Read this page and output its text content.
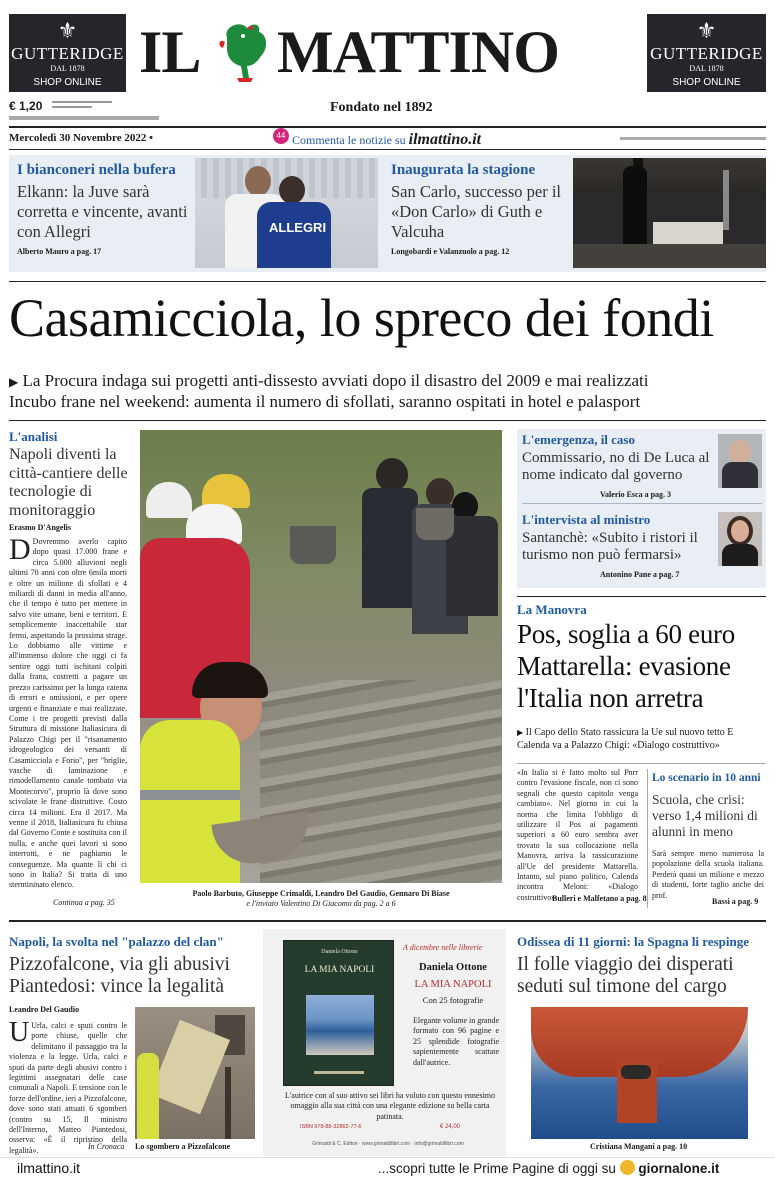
⚜
GUTTERIDGE
DAL 1878
SHOP ONLINE
⚜
GUTTERIDGE
DAL 1878
SHOP ONLINE
IL MATTINO
€ 1,20	Fondato nel 1892
Mercoledì 30 Novembre 2022 •	44 Commenta le notizie su ilmattino.it
I bianconeri nella bufera
Elkann: la Juve sarà corretta e vincente, avanti con Allegri
Alberto Mauro a pag. 17
ALLEGRI
Inaugurata la stagione
San Carlo, successo per il «Don Carlo» di Guth e Valcuha
Longobardi e Valanzuolo a pag. 12
Casamicciola, lo spreco dei fondi
▶ La Procura indaga sui progetti anti-dissesto avviati dopo il disastro del 2009 e mai realizzati
Incubo frane nel weekend: aumenta il numero di sfollati, saranno ospitati in hotel e palasport
L'analisi
Napoli diventi la città-cantiere delle tecnologie di monitoraggio
Erasmo D'Angelis
D Dovremmo averlo capito dopo quasi 17.000 frane e circa 5.000 alluvioni negli ultimi 70 anni con oltre 6mila morti e oltre un milione di sfollati e 4 miliardi di danni in media all'anno, che il tempo è tutto per mettere in salvo vite umane, beni e territori. E semplicemente inaccettabile star fermi, aspettando la prossima strage. Lo dobbiamo alle vittime e all'immenso dolore che oggi ci fa sentire oggi tutti ischitani colpiti dalla frana, costretti a pagare un prezzo carissimo per la lunga catena di errori e omissioni, e per opere urgenti e finanziate e mai realizzate. Come i tre progetti previsti dalla Struttura di missione Italiasicura di Palazzo Chigi per il "risanamento idrogeologico dei versanti di Casamicciola e Forio", per "briglie, vasche di laminazione e rimodellamento canale tombato via Montecorvo", proprio là dove sono scivolate le frane distruttive. Costo circa 14 milioni. Era il 2017. Ma venne il 2018, Italiasicura fu chiusa dal Governo Conte e sostituita con il nulla, e anche quei lavori si sono interrotti, e ne paghiamo le conseguenze. Ma quante lì chi ci sono in Italia? Si tratta di uno stermininato elenco.
Continua a pag. 35
Paolo Barbuto, Giuseppe Crimaldi, Leandro Del Gaudio, Gennaro Di Biase
e l'inviato Valentino Di Giacomo da pag. 2 a 6
L'emergenza, il caso
Commissario, no di De Luca al nome indicato dal governo
Valerio Esca a pag. 3
L'intervista al ministro
Santanchè: «Subito i ristori il turismo non può fermarsi»
Antonino Pane a pag. 7
La Manovra
Pos, soglia a 60 euro Mattarella: evasione l'Italia non arretra
▶ Il Capo dello Stato rassicura la Ue sul nuovo tetto E Calenda va a Palazzo Chigi: «Dialogo costruttivo»
«In Italia si è fatto molto sul Pnrr contro l'evasione fiscale, non ci sono segnali che questo capitolo venga cambiato». Nel giorno in cui la norma che limita l'obbligo di utilizzare il Pos ai pagamenti superiori a 60 euro sembra aver trovato la sua collocazione nella Manovra, arriva la rassicurazione all'Ue del presidente Mattarella. Intanto, sul piano politico, Calenda incontra Meloni: «Dialogo costruttivo».
Bulleri e Malfetano a pag. 8
Lo scenario in 10 anni
Scuola, che crisi: verso 1,4 milioni di alunni in meno
Sarà sempre meno numerosa la popolazione della scuola italiana. Perderà quasi un milione e mezzo di studenti, forte taglio anche dei prof.
Bassi a pag. 9
Napoli, la svolta nel "palazzo del clan"
Pizzofalcone, via gli abusivi Piantedosi: vince la legalità
Leandro Del Gaudio
U Urla, calci e sputi contro le porte chiuse, quelle che delimitano il passaggio tra la violenza e la legge. Urla, calci e sputi da parte degli abusivi contro i legittimi assegnatari delle case comunali a Napoli. E tensione con le forze dell'ordine, ieri a Pizzofalcone, dove sono stati attuati 6 sgomberi (contro su 15, Il ministro dell'Interno, Matteo Piantedosi, osserva: «È il ripristino della legalità».	In Cronaca Lo sgombero a Pizzofalcone
Daniela Ottone
LA MIA NAPOLI
A dicembre nelle librerie
Daniela Ottone
LA MIA NAPOLI
Con 25 fotografie
Elegante volume in grande formato con 96 pagine e 25 splendide fotografie sapientemente scattate dall'autrice.
L'autrice con al suo attivo sei libri ha voluto con questo ennesimo omaggio alla sua città con una elegante edizione su bella carta patinata.
ISBN 978-88-32862-77-6	€ 24,00
Grimaldi & C. Editori · www.grimaldilibri.com · info@grimaldilibri.com
Odissea di 11 giorni: la Spagna li respinge
Il folle viaggio dei disperati seduti sul timone del cargo
Cristiana Mangani a pag. 10
ilmattino.it	...scopri tutte le Prime Pagine di oggi su giornalone.it
